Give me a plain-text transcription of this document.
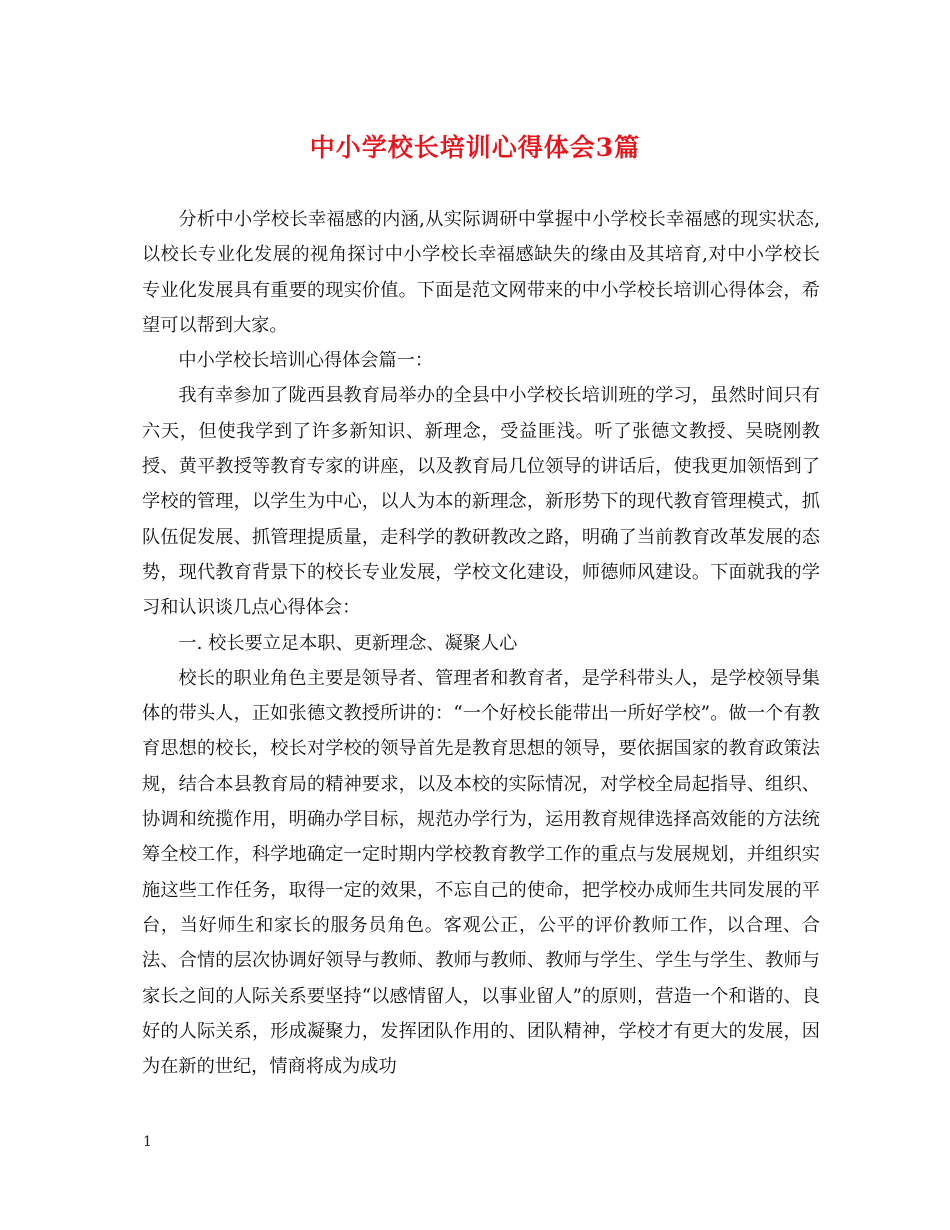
中小学校长培训心得体会3篇

分析中小学校长幸福感的内涵,从实际调研中掌握中小学校长幸福感的现实状态,以校长专业化发展的视角探讨中小学校长幸福感缺失的缘由及其培育,对中小学校长专业化发展具有重要的现实价值。下面是范文网带来的中小学校长培训心得体会，希望可以帮到大家。

中小学校长培训心得体会篇一：

我有幸参加了陇西县教育局举办的全县中小学校长培训班的学习，虽然时间只有六天，但使我学到了许多新知识、新理念，受益匪浅。听了张德文教授、吴晓刚教授、黄平教授等教育专家的讲座，以及教育局几位领导的讲话后，使我更加领悟到了学校的管理，以学生为中心，以人为本的新理念，新形势下的现代教育管理模式，抓队伍促发展、抓管理提质量，走科学的教研教改之路，明确了当前教育改革发展的态势，现代教育背景下的校长专业发展，学校文化建设，师德师风建设。下面就我的学习和认识谈几点心得体会：

一. 校长要立足本职、更新理念、凝聚人心

校长的职业角色主要是领导者、管理者和教育者，是学科带头人，是学校领导集体的带头人，正如张德文教授所讲的：“一个好校长能带出一所好学校”。做一个有教育思想的校长，校长对学校的领导首先是教育思想的领导，要依据国家的教育政策法规，结合本县教育局的精神要求，以及本校的实际情况，对学校全局起指导、组织、协调和统揽作用，明确办学目标，规范办学行为，运用教育规律选择高效能的方法统筹全校工作，科学地确定一定时期内学校教育教学工作的重点与发展规划，并组织实施这些工作任务，取得一定的效果，不忘自己的使命，把学校办成师生共同发展的平台，当好师生和家长的服务员角色。客观公正，公平的评价教师工作，以合理、合法、合情的层次协调好领导与教师、教师与教师、教师与学生、学生与学生、教师与家长之间的人际关系要坚持“以感情留人，以事业留人”的原则，营造一个和谐的、良好的人际关系，形成凝聚力，发挥团队作用的、团队精神，学校才有更大的发展，因为在新的世纪，情商将成为成功

1
